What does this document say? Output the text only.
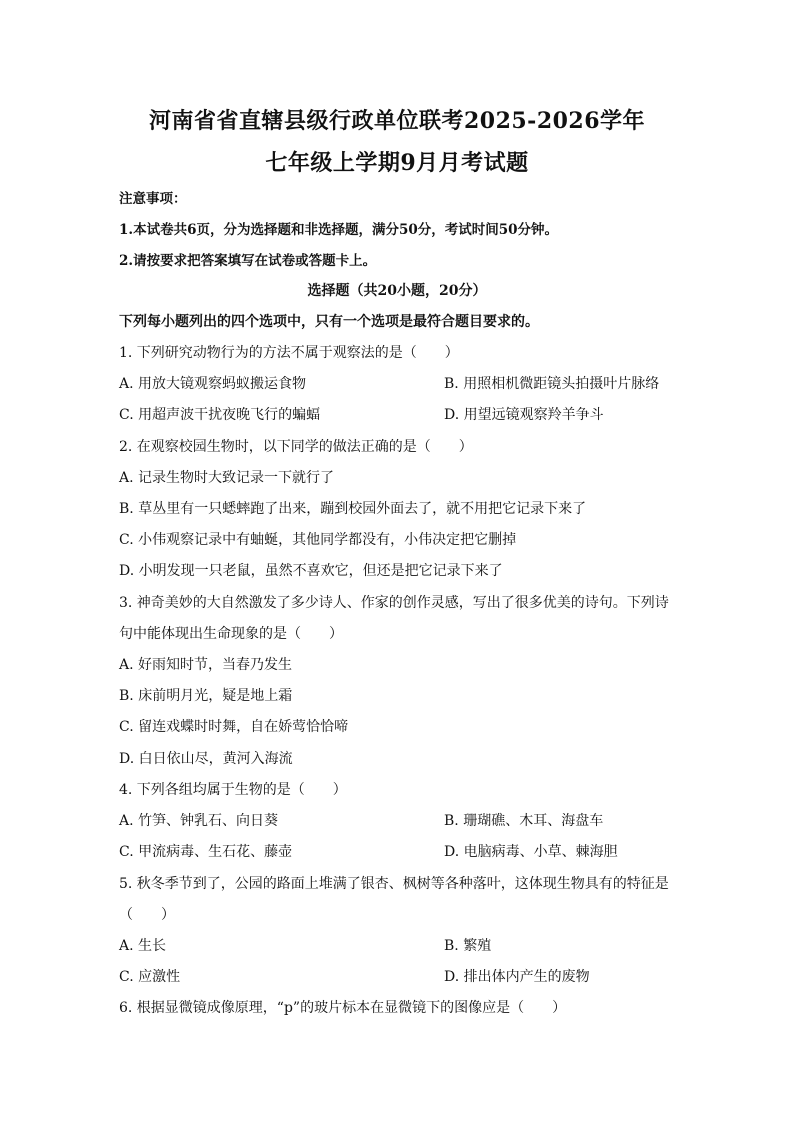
河南省省直辖县级行政单位联考2025-2026学年
七年级上学期9月月考试题
注意事项：
1.本试卷共6页，分为选择题和非选择题，满分50分，考试时间50分钟。
2.请按要求把答案填写在试卷或答题卡上。
选择题（共20小题，20分）
下列每小题列出的四个选项中，只有一个选项是最符合题目要求的。
1. 下列研究动物行为的方法不属于观察法的是（　　）
A. 用放大镜观察蚂蚁搬运食物	B. 用照相机微距镜头拍摄叶片脉络
C. 用超声波干扰夜晚飞行的蝙蝠	D. 用望远镜观察羚羊争斗
2. 在观察校园生物时，以下同学的做法正确的是（　　）
A. 记录生物时大致记录一下就行了
B. 草丛里有一只蟋蟀跑了出来，蹦到校园外面去了，就不用把它记录下来了
C. 小伟观察记录中有蚰蜒，其他同学都没有，小伟决定把它删掉
D. 小明发现一只老鼠，虽然不喜欢它，但还是把它记录下来了
3. 神奇美妙的大自然激发了多少诗人、作家的创作灵感，写出了很多优美的诗句。下列诗
句中能体现出生命现象的是（　　）
A. 好雨知时节，当春乃发生
B. 床前明月光，疑是地上霜
C. 留连戏蝶时时舞，自在娇莺恰恰啼
D. 白日依山尽，黄河入海流
4. 下列各组均属于生物的是（　　）
A. 竹笋、钟乳石、向日葵	B. 珊瑚礁、木耳、海盘车
C. 甲流病毒、生石花、藤壶	D. 电脑病毒、小草、棘海胆
5. 秋冬季节到了，公园的路面上堆满了银杏、枫树等各种落叶，这体现生物具有的特征是
（　　）
A. 生长	B. 繁殖
C. 应激性	D. 排出体内产生的废物
6. 根据显微镜成像原理，“p”的玻片标本在显微镜下的图像应是（　　）
